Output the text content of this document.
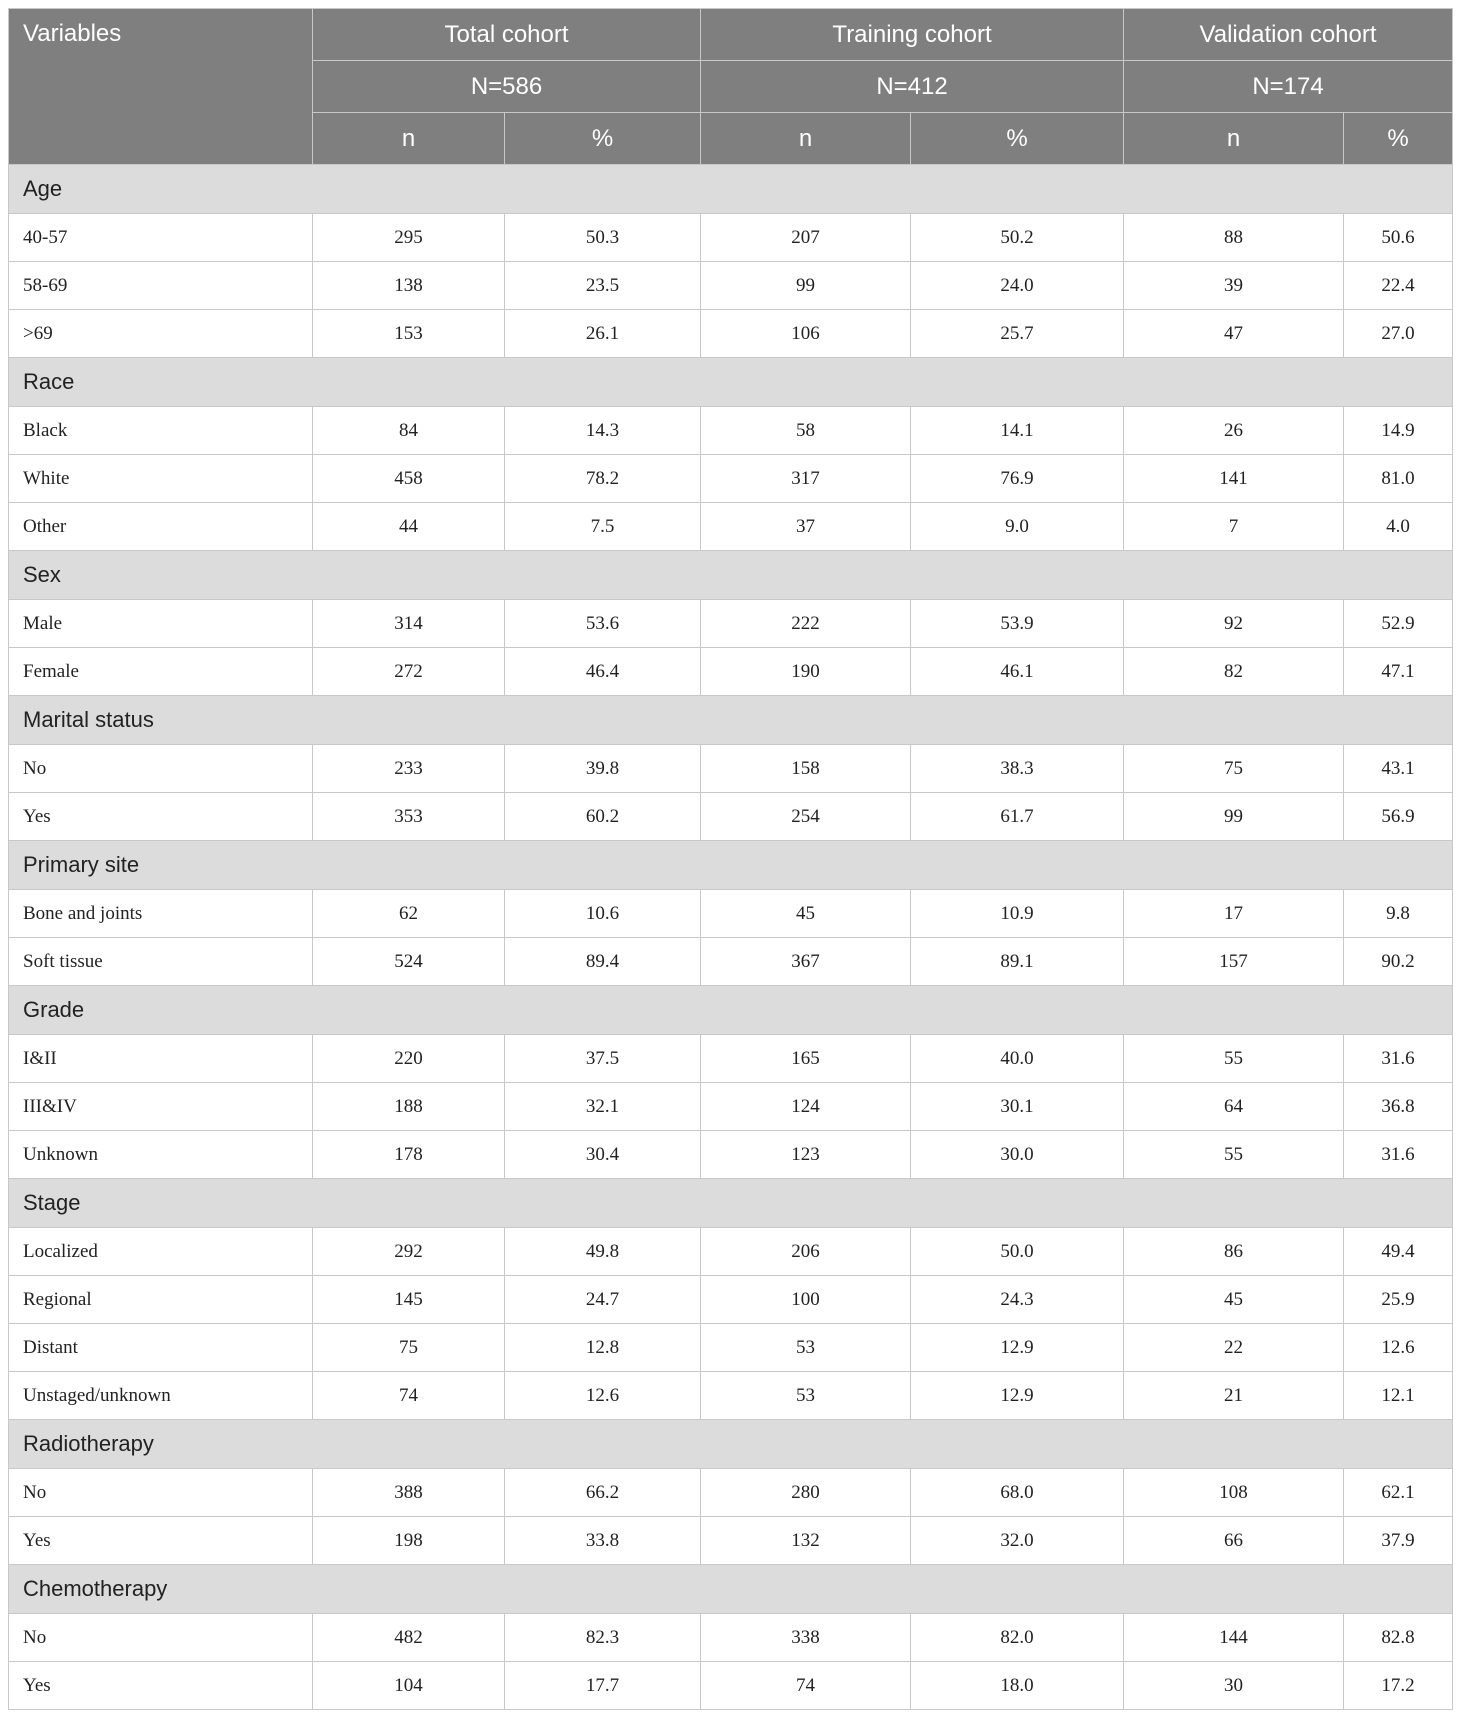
Variables	Total cohort		Training cohort		Validation cohort	
	N=586		N=412		N=174	
	n	%	n	%	n	%
Age						
40-57	295	50.3	207	50.2	88	50.6
58-69	138	23.5	99	24.0	39	22.4
>69	153	26.1	106	25.7	47	27.0
Race						
Black	84	14.3	58	14.1	26	14.9
White	458	78.2	317	76.9	141	81.0
Other	44	7.5	37	9.0	7	4.0
Sex						
Male	314	53.6	222	53.9	92	52.9
Female	272	46.4	190	46.1	82	47.1
Marital status						
No	233	39.8	158	38.3	75	43.1
Yes	353	60.2	254	61.7	99	56.9
Primary site						
Bone and joints	62	10.6	45	10.9	17	9.8
Soft tissue	524	89.4	367	89.1	157	90.2
Grade						
I&II	220	37.5	165	40.0	55	31.6
III&IV	188	32.1	124	30.1	64	36.8
Unknown	178	30.4	123	30.0	55	31.6
Stage						
Localized	292	49.8	206	50.0	86	49.4
Regional	145	24.7	100	24.3	45	25.9
Distant	75	12.8	53	12.9	22	12.6
Unstaged/unknown	74	12.6	53	12.9	21	12.1
Radiotherapy						
No	388	66.2	280	68.0	108	62.1
Yes	198	33.8	132	32.0	66	37.9
Chemotherapy						
No	482	82.3	338	82.0	144	82.8
Yes	104	17.7	74	18.0	30	17.2
